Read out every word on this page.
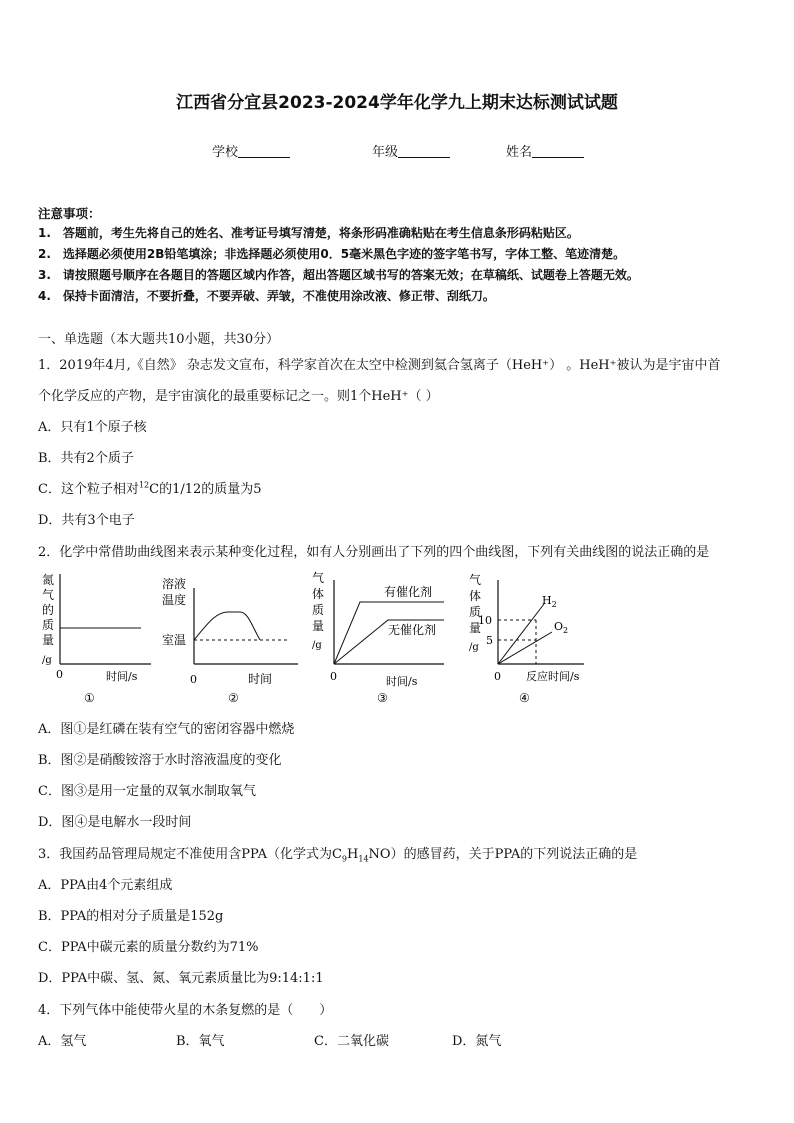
江西省分宜县2023-2024学年化学九上期末达标测试试题
学校	年级	姓名
注意事项：
1.　答题前，考生先将自己的姓名、准考证号填写清楚，将条形码准确粘贴在考生信息条形码粘贴区。
2.　选择题必须使用2B铅笔填涂；非选择题必须使用0．5毫米黑色字迹的签字笔书写，字体工整、笔迹清楚。
3.　请按照题号顺序在各题目的答题区域内作答，超出答题区域书写的答案无效；在草稿纸、试题卷上答题无效。
4.　保持卡面清洁，不要折叠，不要弄破、弄皱，不准使用涂改液、修正带、刮纸刀。
一、单选题（本大题共10小题，共30分）
1．2019年4月,《自然》 杂志发文宣布，科学家首次在太空中检测到氦合氢离子（HeH⁺） 。HeH⁺被认为是宇宙中首
个化学反应的产物，是宇宙演化的最重要标记之一。则1个HeH⁺（ ）
A．只有1个原子核
B．共有2个质子
C．这个粒子相对$^{12}$C的1/12的质量为5
D．共有3个电子
2．化学中常借助曲线图来表示某种变化过程，如有人分别画出了下列的四个曲线图，下列有关曲线图的说法正确的是
氮
气
的
质
量
/g
0	时间/s
①
溶液
温度
室温
0	时间
②
气
体
质
量
/g
有催化剂
无催化剂
0	时间/s
③
气
体
质
量
/g
10
5
$H_2$
$O_2$
0 反应时间/s
④
A．图①是红磷在装有空气的密闭容器中燃烧
B．图②是硝酸铵溶于水时溶液温度的变化
C．图③是用一定量的双氧水制取氧气
D．图④是电解水一段时间
3．我国药品管理局规定不准使用含PPA（化学式为$C_9H_{14}NO$）的感冒药，关于PPA的下列说法正确的是
A．PPA由4个元素组成
B．PPA的相对分子质量是152g
C．PPA中碳元素的质量分数约为71%
D．PPA中碳、氢、氮、氧元素质量比为9:14:1:1
4．下列气体中能使带火星的木条复燃的是（　　）
A．氢气	B．氧气	C．二氧化碳	D．氮气
